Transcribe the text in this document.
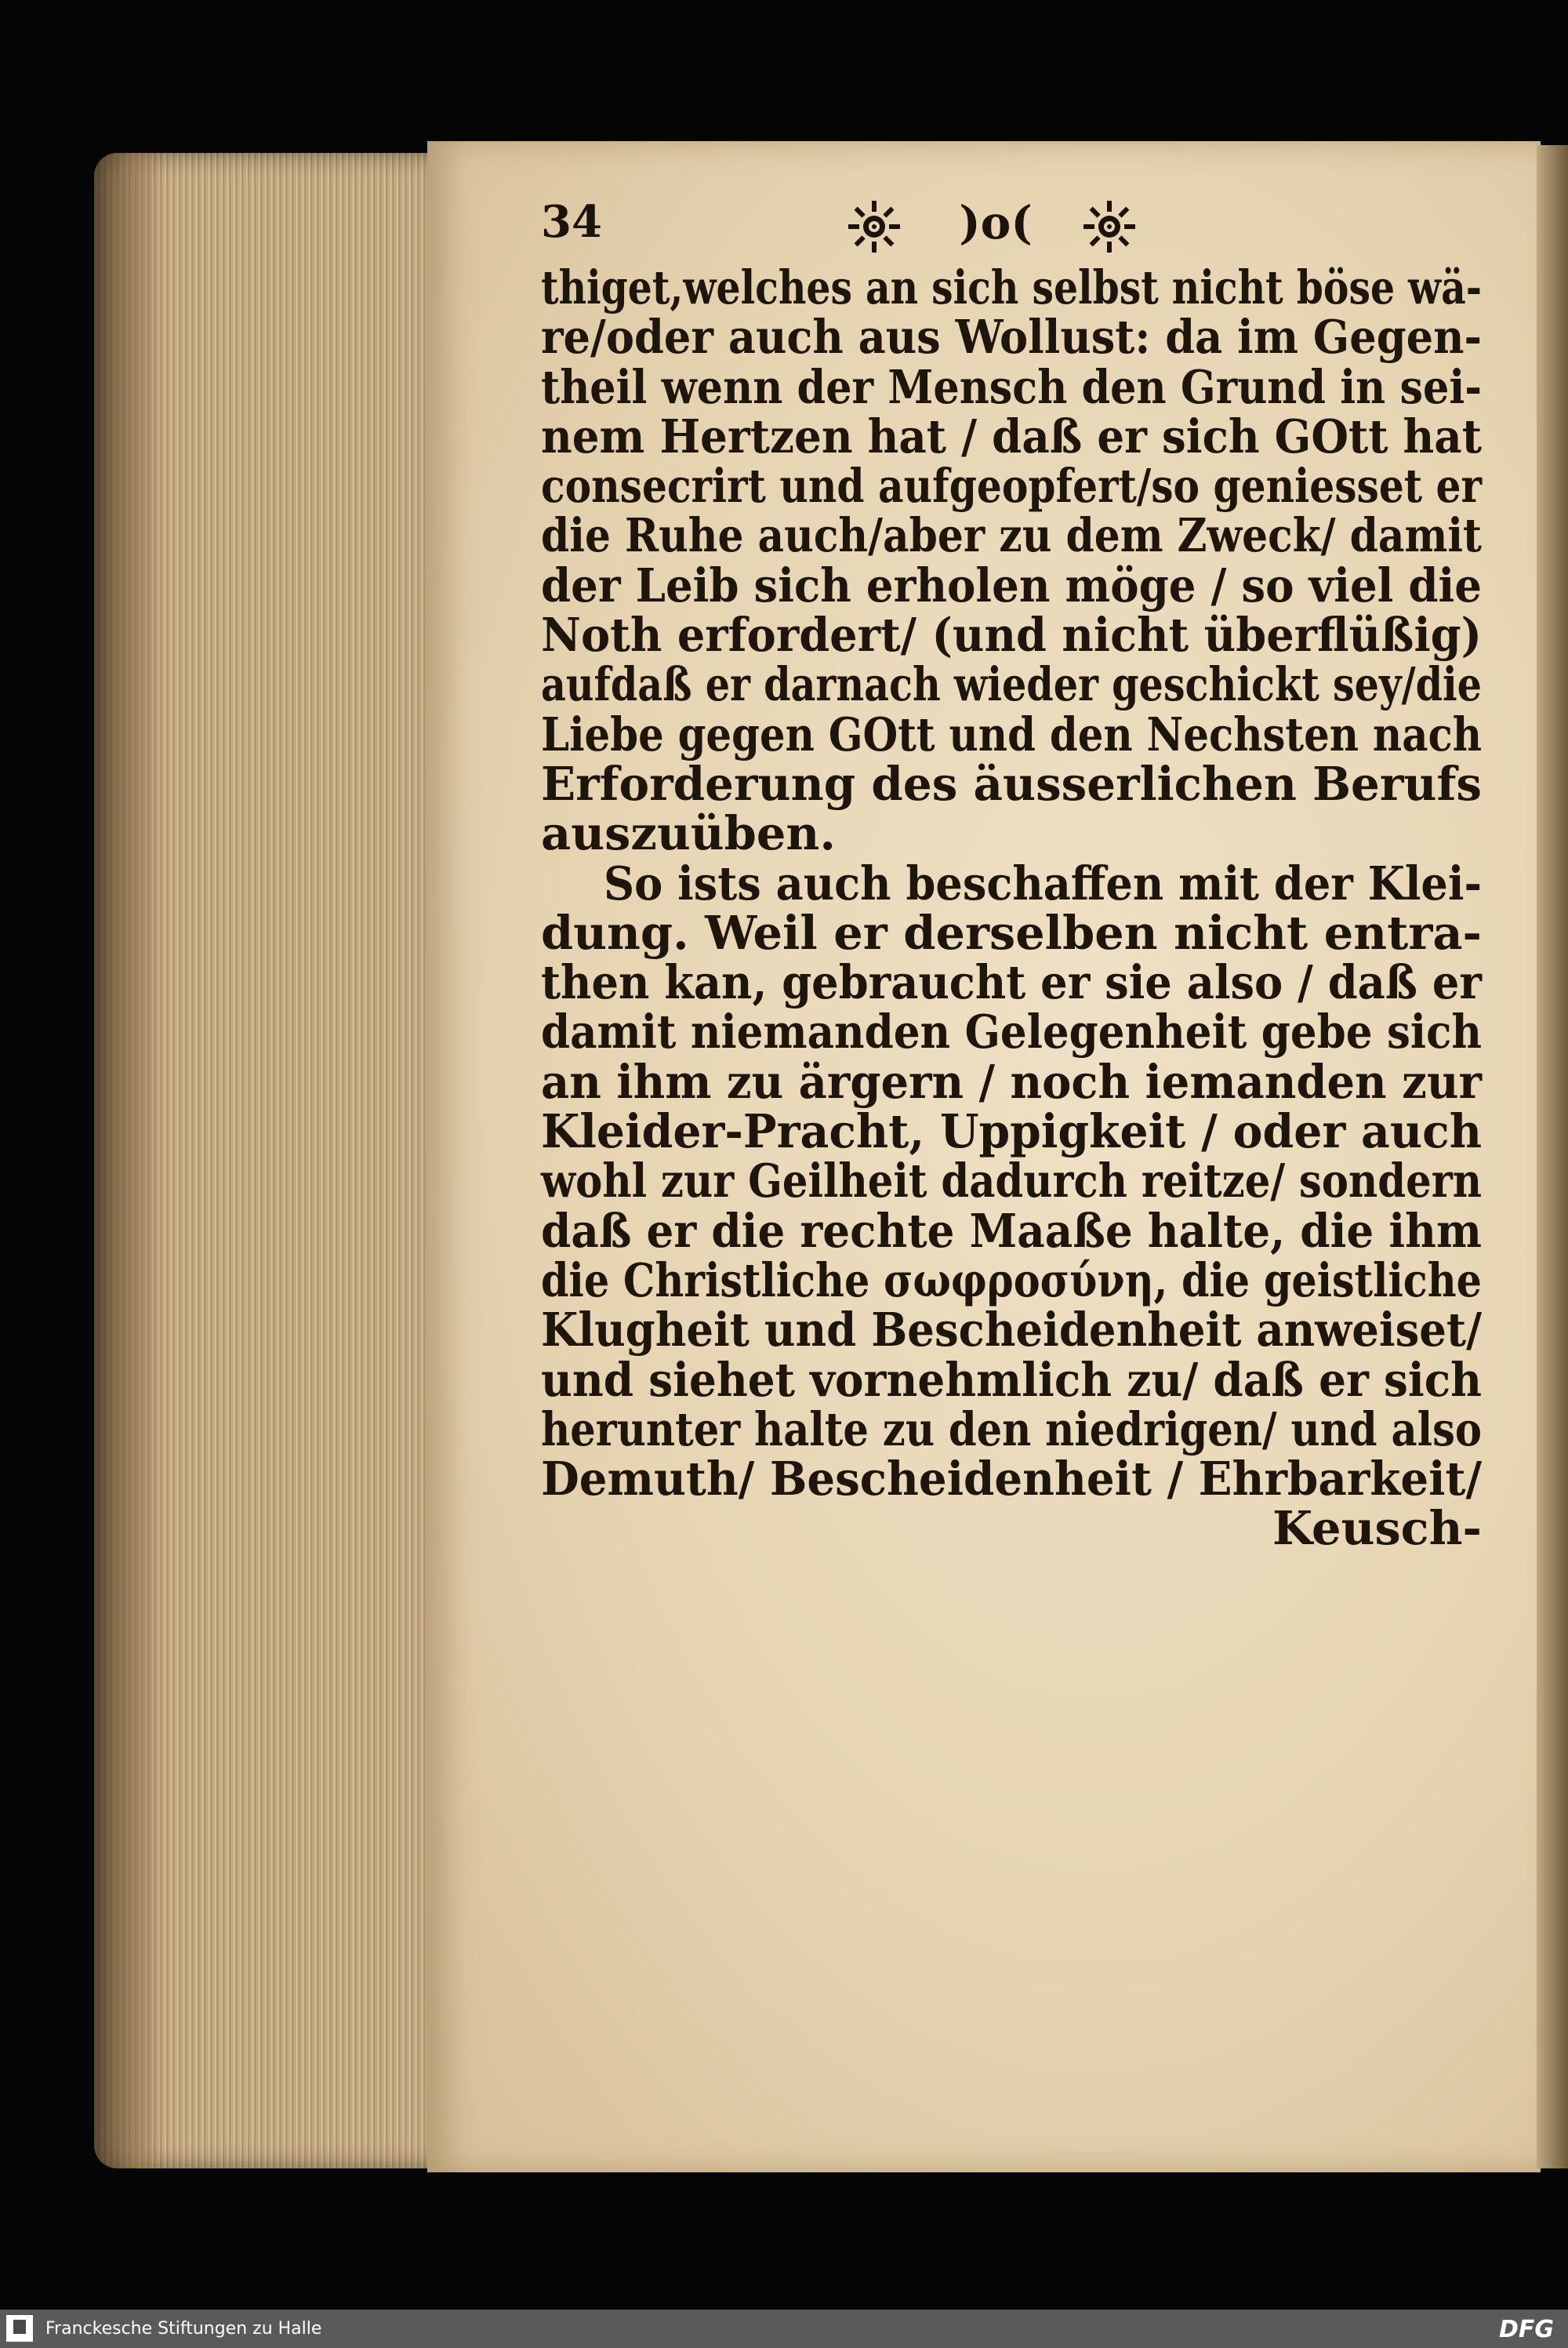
34	)o(
thiget,welches an sich selbst nicht böse wä-
re/oder auch aus Wollust: da im Gegen-
theil wenn der Mensch den Grund in sei-
nem Hertzen hat / daß er sich GOtt hat
consecrirt und aufgeopfert/so geniesset er
die Ruhe auch/aber zu dem Zweck/ damit
der Leib sich erholen möge / so viel die
Noth erfordert/ (und nicht überflüßig)
aufdaß er darnach wieder geschickt sey/die
Liebe gegen GOtt und den Nechsten nach
Erforderung des äusserlichen Berufs
auszuüben.
So ists auch beschaffen mit der Klei-
dung. Weil er derselben nicht entra-
then kan, gebraucht er sie also / daß er
damit niemanden Gelegenheit gebe sich
an ihm zu ärgern / noch iemanden zur
Kleider-Pracht, Uppigkeit / oder auch
wohl zur Geilheit dadurch reitze/ sondern
daß er die rechte Maaße halte, die ihm
die Christliche σωφροσύνη, die geistliche
Klugheit und Bescheidenheit anweiset/
und siehet vornehmlich zu/ daß er sich
herunter halte zu den niedrigen/ und also
Demuth/ Bescheidenheit / Ehrbarkeit/
Keusch-
Franckesche Stiftungen zu Halle	DFG
